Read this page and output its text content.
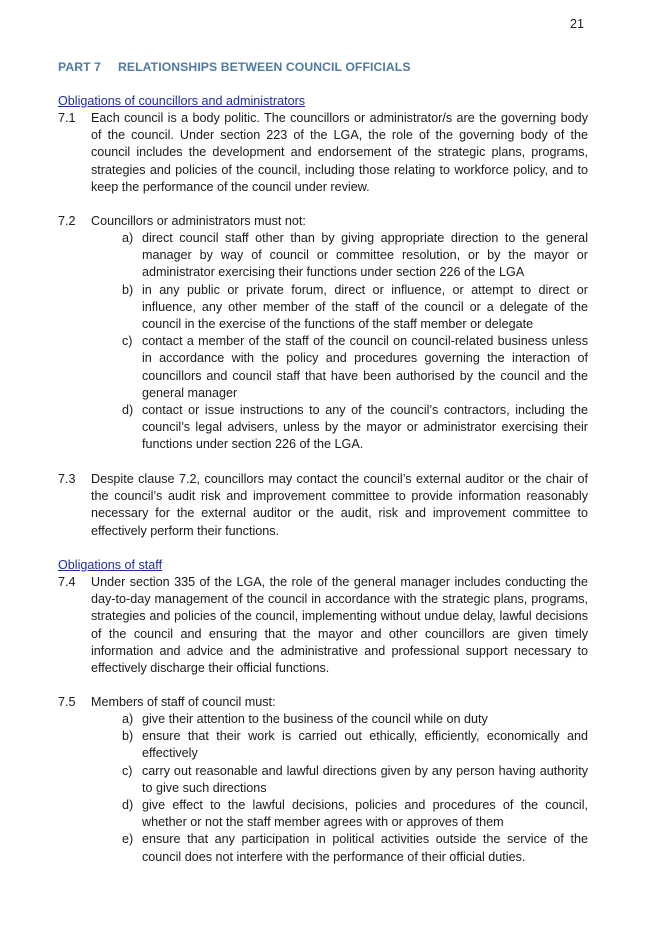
21
PART 7 RELATIONSHIPS BETWEEN COUNCIL OFFICIALS
Obligations of councillors and administrators
7.1 Each council is a body politic. The councillors or administrator/s are the governing body of the council. Under section 223 of the LGA, the role of the governing body of the council includes the development and endorsement of the strategic plans, programs, strategies and policies of the council, including those relating to workforce policy, and to keep the performance of the council under review.
7.2 Councillors or administrators must not:
a) direct council staff other than by giving appropriate direction to the general manager by way of council or committee resolution, or by the mayor or administrator exercising their functions under section 226 of the LGA
b) in any public or private forum, direct or influence, or attempt to direct or influence, any other member of the staff of the council or a delegate of the council in the exercise of the functions of the staff member or delegate
c) contact a member of the staff of the council on council-related business unless in accordance with the policy and procedures governing the interaction of councillors and council staff that have been authorised by the council and the general manager
d) contact or issue instructions to any of the council’s contractors, including the council’s legal advisers, unless by the mayor or administrator exercising their functions under section 226 of the LGA.
7.3 Despite clause 7.2, councillors may contact the council’s external auditor or the chair of the council’s audit risk and improvement committee to provide information reasonably necessary for the external auditor or the audit, risk and improvement committee to effectively perform their functions.
Obligations of staff
7.4 Under section 335 of the LGA, the role of the general manager includes conducting the day-to-day management of the council in accordance with the strategic plans, programs, strategies and policies of the council, implementing without undue delay, lawful decisions of the council and ensuring that the mayor and other councillors are given timely information and advice and the administrative and professional support necessary to effectively discharge their official functions.
7.5 Members of staff of council must:
a) give their attention to the business of the council while on duty
b) ensure that their work is carried out ethically, efficiently, economically and effectively
c) carry out reasonable and lawful directions given by any person having authority to give such directions
d) give effect to the lawful decisions, policies and procedures of the council, whether or not the staff member agrees with or approves of them
e) ensure that any participation in political activities outside the service of the council does not interfere with the performance of their official duties.
